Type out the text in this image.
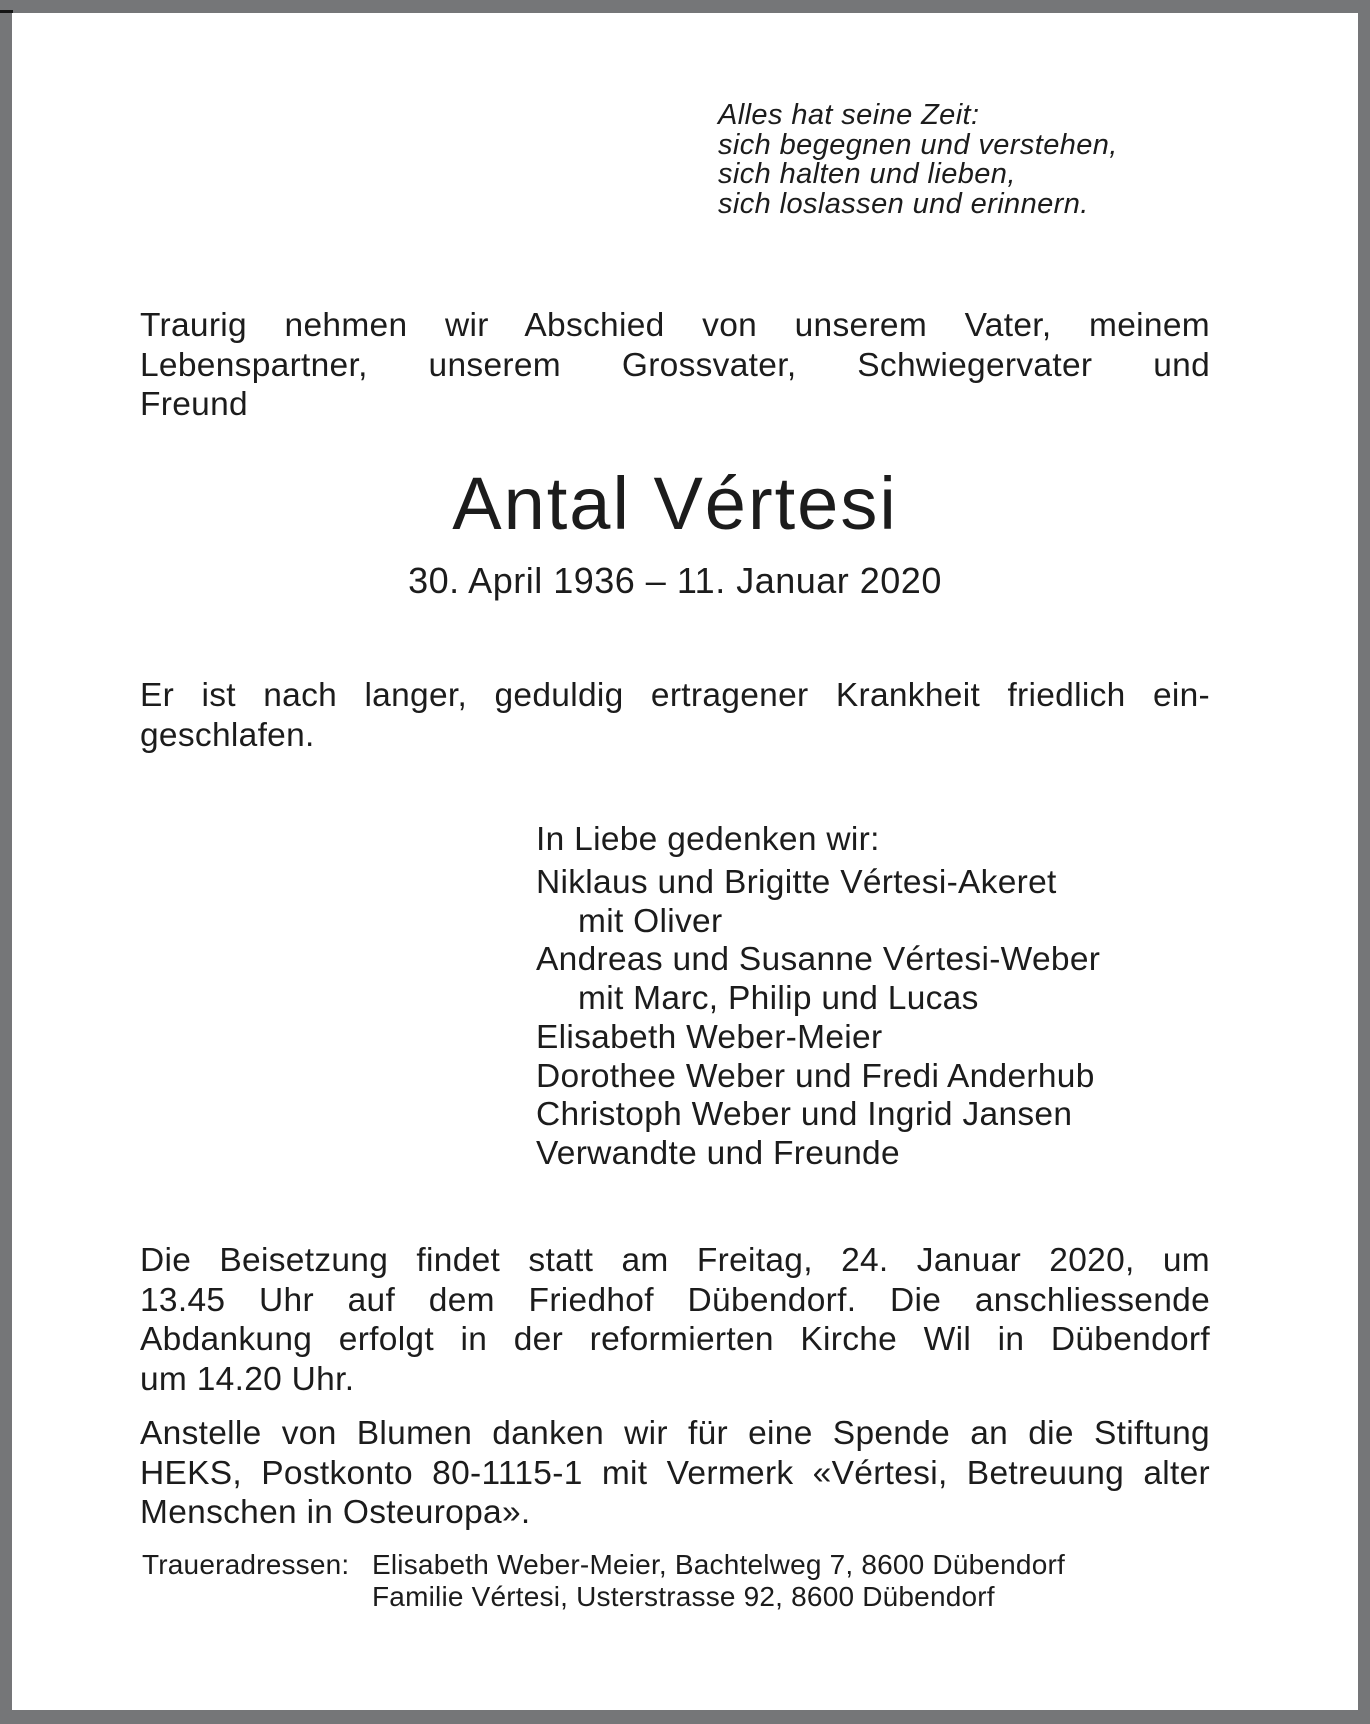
Alles hat seine Zeit:
sich begegnen und verstehen,
sich halten und lieben,
sich loslassen und erinnern.
Traurig nehmen wir Abschied von unserem Vater, meinem
Lebenspartner, unserem Grossvater, Schwiegervater und
Freund
Antal Vértesi
30. April 1936 – 11. Januar 2020
Er ist nach langer, geduldig ertragener Krankheit friedlich ein-
geschlafen.
In Liebe gedenken wir:
Niklaus und Brigitte Vértesi-Akeret
mit Oliver
Andreas und Susanne Vértesi-Weber
mit Marc, Philip und Lucas
Elisabeth Weber-Meier
Dorothee Weber und Fredi Anderhub
Christoph Weber und Ingrid Jansen
Verwandte und Freunde
Die Beisetzung findet statt am Freitag, 24. Januar 2020, um
13.45 Uhr auf dem Friedhof Dübendorf. Die anschliessende
Abdankung erfolgt in der reformierten Kirche Wil in Dübendorf
um 14.20 Uhr.
Anstelle von Blumen danken wir für eine Spende an die Stiftung
HEKS, Postkonto 80-1115-1 mit Vermerk «Vértesi, Betreuung alter
Menschen in Osteuropa».
Traueradressen: Elisabeth Weber-Meier, Bachtelweg 7, 8600 Dübendorf
Familie Vértesi, Usterstrasse 92, 8600 Dübendorf
